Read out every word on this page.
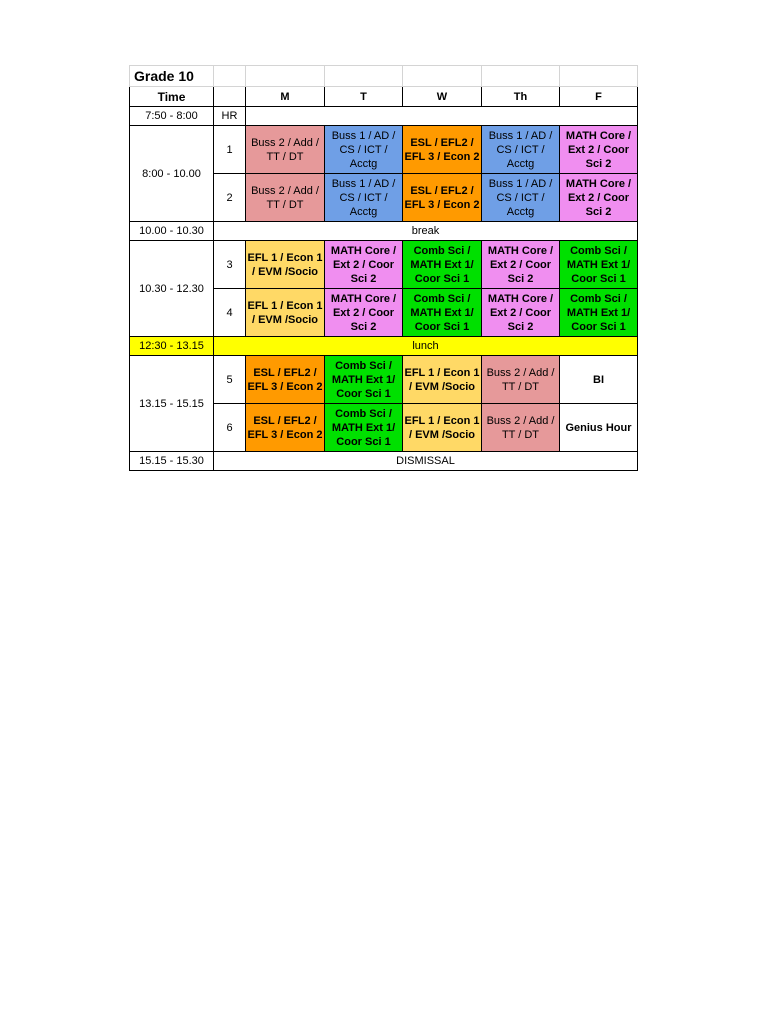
Grade 10						
Time		M	T	W	Th	F
7:50 - 8:00	HR					
8:00 - 10.00	1	Buss 2 / Add / TT / DT	Buss 1 / AD / CS / ICT / Acctg	ESL / EFL2 / EFL 3 / Econ 2	Buss 1 / AD / CS / ICT / Acctg	MATH Core / Ext 2 / Coor Sci 2
	2	Buss 2 / Add / TT / DT	Buss 1 / AD / CS / ICT / Acctg	ESL / EFL2 / EFL 3 / Econ 2	Buss 1 / AD / CS / ICT / Acctg	MATH Core / Ext 2 / Coor Sci 2
10.00 - 10.30	break					
10.30 - 12.30	3	EFL 1 / Econ 1 / EVM /Socio	MATH Core / Ext 2 / Coor Sci 2	Comb Sci / MATH Ext 1/ Coor Sci 1	MATH Core / Ext 2 / Coor Sci 2	Comb Sci / MATH Ext 1/ Coor Sci 1
	4	EFL 1 / Econ 1 / EVM /Socio	MATH Core / Ext 2 / Coor Sci 2	Comb Sci / MATH Ext 1/ Coor Sci 1	MATH Core / Ext 2 / Coor Sci 2	Comb Sci / MATH Ext 1/ Coor Sci 1
12:30 - 13.15	lunch					
13.15 - 15.15	5	ESL / EFL2 / EFL 3 / Econ 2	Comb Sci / MATH Ext 1/ Coor Sci 1	EFL 1 / Econ 1 / EVM /Socio	Buss 2 / Add / TT / DT	BI
	6	ESL / EFL2 / EFL 3 / Econ 2	Comb Sci / MATH Ext 1/ Coor Sci 1	EFL 1 / Econ 1 / EVM /Socio	Buss 2 / Add / TT / DT	Genius Hour
15.15 - 15.30	DISMISSAL					
